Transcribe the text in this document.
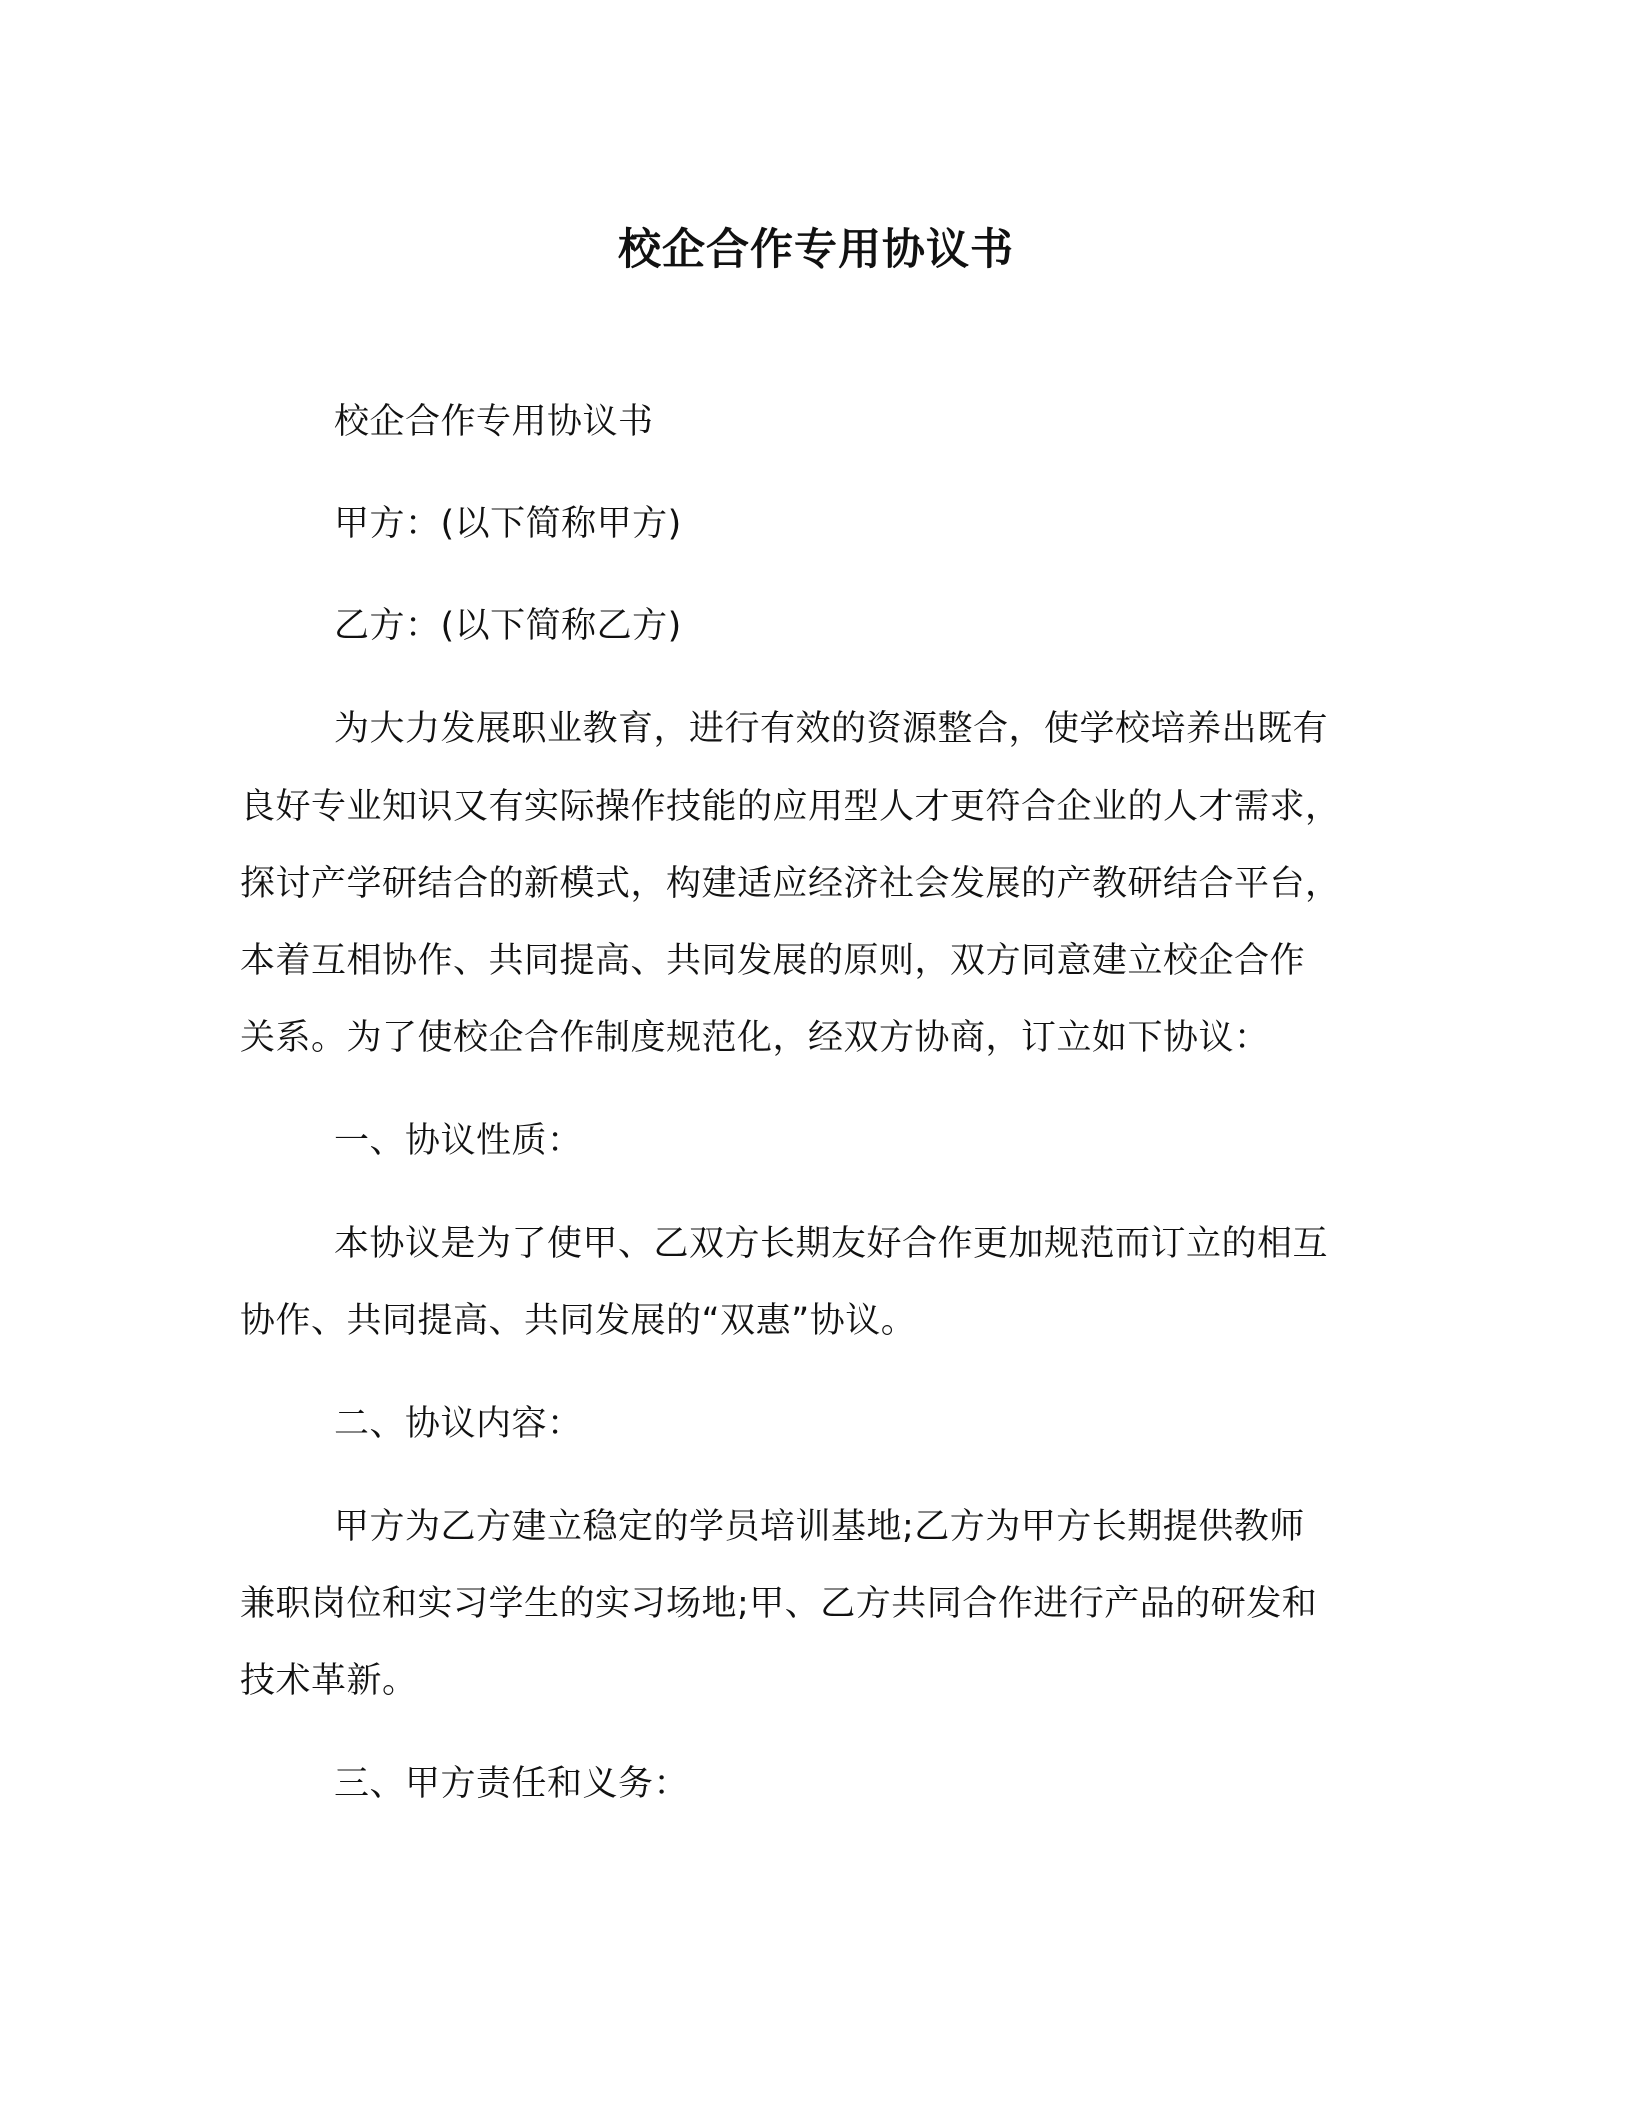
校企合作专用协议书

校企合作专用协议书

甲方：(以下简称甲方)

乙方：(以下简称乙方)

为大力发展职业教育，进行有效的资源整合，使学校培养出既有

良好专业知识又有实际操作技能的应用型人才更符合企业的人才需求，

探讨产学研结合的新模式，构建适应经济社会发展的产教研结合平台，

本着互相协作、共同提高、共同发展的原则，双方同意建立校企合作

关系。为了使校企合作制度规范化，经双方协商，订立如下协议：

一、协议性质：

本协议是为了使甲、乙双方长期友好合作更加规范而订立的相互

协作、共同提高、共同发展的“双惠”协议。

二、协议内容：

甲方为乙方建立稳定的学员培训基地;乙方为甲方长期提供教师

兼职岗位和实习学生的实习场地;甲、乙方共同合作进行产品的研发和

技术革新。

三、甲方责任和义务：
